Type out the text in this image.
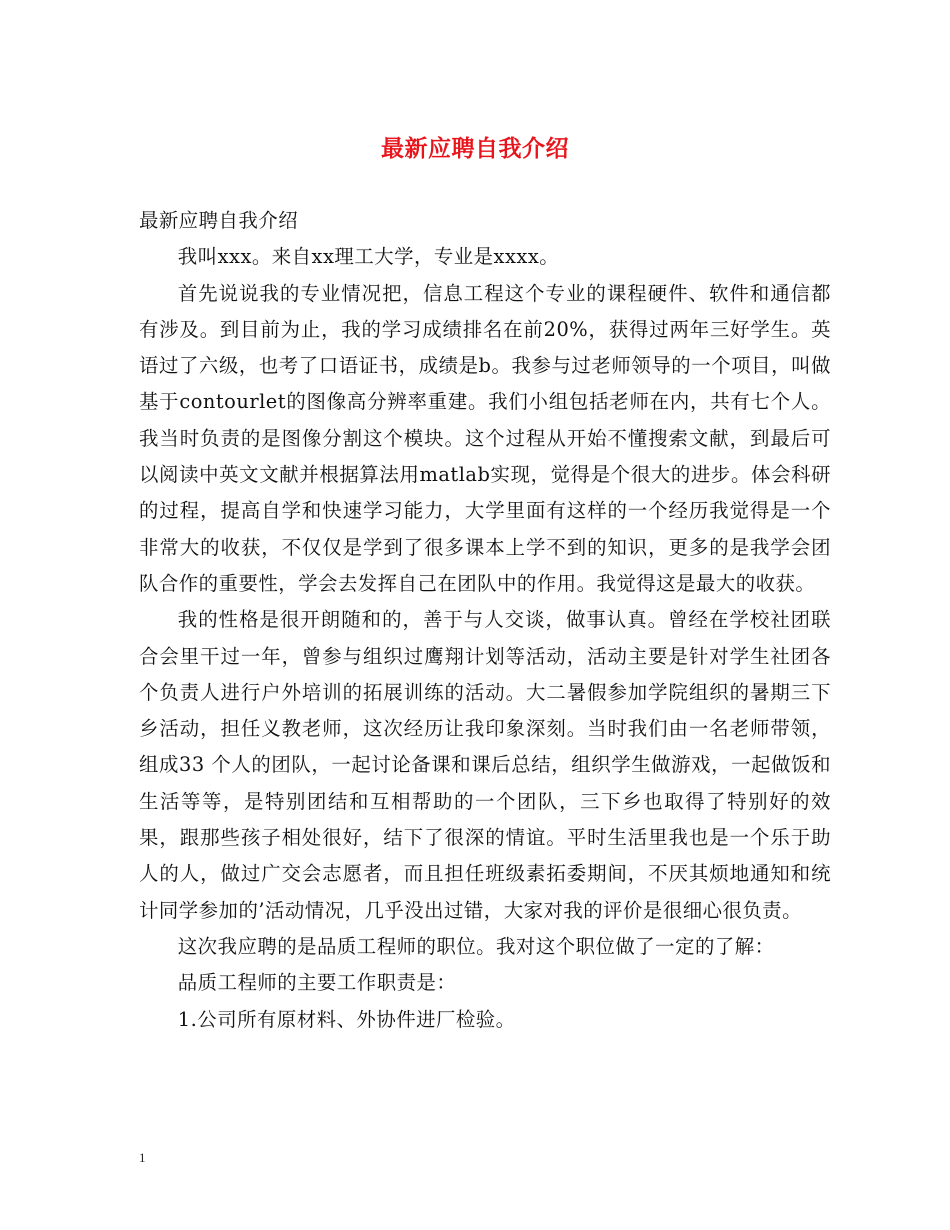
最新应聘自我介绍

最新应聘自我介绍

我叫xxx。来自xx理工大学，专业是xxxx。

首先说说我的专业情况把，信息工程这个专业的课程硬件、软件和通信都有涉及。到目前为止，我的学习成绩排名在前20%，获得过两年三好学生。英语过了六级，也考了口语证书，成绩是b。我参与过老师领导的一个项目，叫做基于contourlet的图像高分辨率重建。我们小组包括老师在内，共有七个人。我当时负责的是图像分割这个模块。这个过程从开始不懂搜索文献，到最后可以阅读中英文文献并根据算法用matlab实现，觉得是个很大的进步。体会科研的过程，提高自学和快速学习能力，大学里面有这样的一个经历我觉得是一个非常大的收获，不仅仅是学到了很多课本上学不到的知识，更多的是我学会团队合作的重要性，学会去发挥自己在团队中的作用。我觉得这是最大的收获。

我的性格是很开朗随和的，善于与人交谈，做事认真。曾经在学校社团联合会里干过一年，曾参与组织过鹰翔计划等活动，活动主要是针对学生社团各个负责人进行户外培训的拓展训练的活动。大二暑假参加学院组织的暑期三下乡活动，担任义教老师，这次经历让我印象深刻。当时我们由一名老师带领，组成33 个人的团队，一起讨论备课和课后总结，组织学生做游戏，一起做饭和生活等等，是特别团结和互相帮助的一个团队，三下乡也取得了特别好的效果，跟那些孩子相处很好，结下了很深的情谊。平时生活里我也是一个乐于助人的人，做过广交会志愿者，而且担任班级素拓委期间，不厌其烦地通知和统计同学参加的’活动情况，几乎没出过错，大家对我的评价是很细心很负责。

这次我应聘的是品质工程师的职位。我对这个职位做了一定的了解：

品质工程师的主要工作职责是：

1.公司所有原材料、外协件进厂检验。

1
